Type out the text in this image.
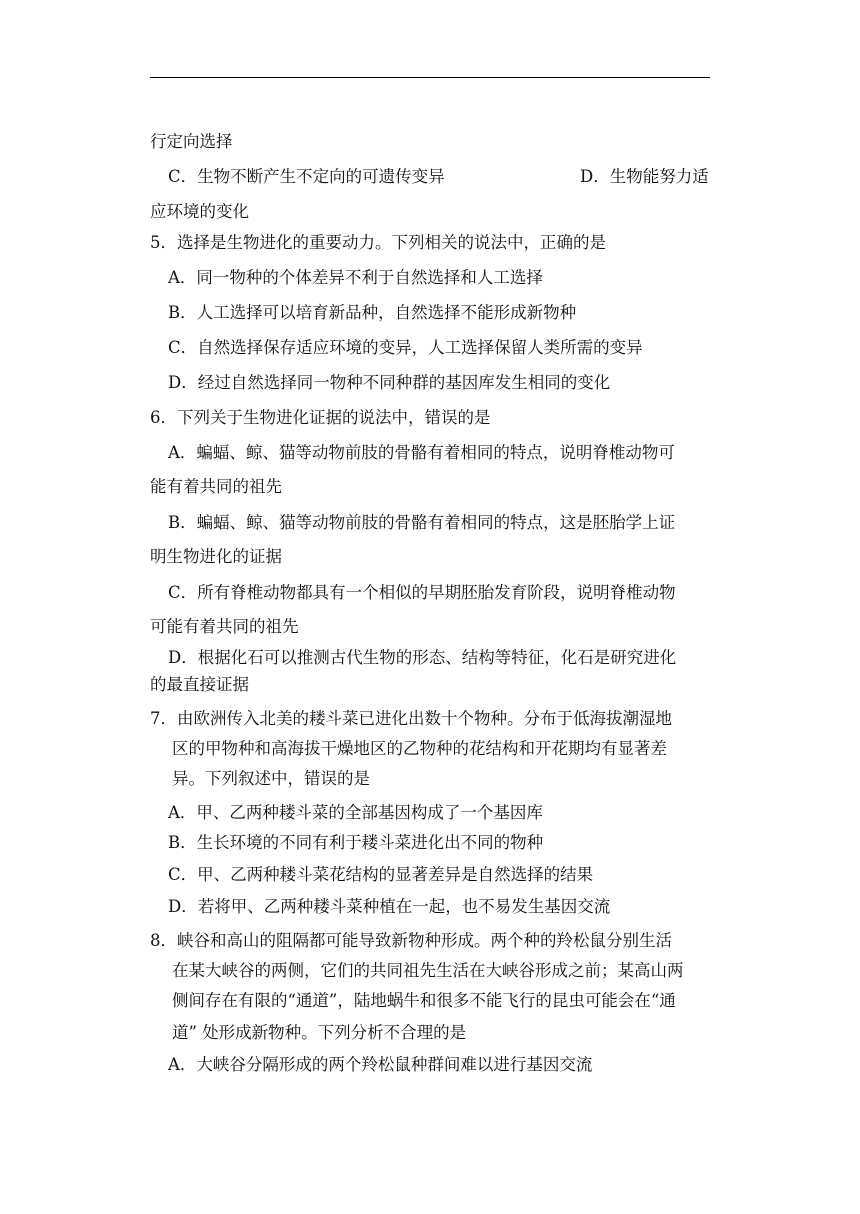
行定向选择
C．生物不断产生不定向的可遗传变异	D．生物能努力适
应环境的变化
5．选择是生物进化的重要动力。下列相关的说法中，正确的是
A．同一物种的个体差异不利于自然选择和人工选择
B．人工选择可以培育新品种，自然选择不能形成新物种
C．自然选择保存适应环境的变异，人工选择保留人类所需的变异
D．经过自然选择同一物种不同种群的基因库发生相同的变化
6．下列关于生物进化证据的说法中，错误的是
A．蝙蝠、鲸、猫等动物前肢的骨骼有着相同的特点，说明脊椎动物可
能有着共同的祖先
B．蝙蝠、鲸、猫等动物前肢的骨骼有着相同的特点，这是胚胎学上证
明生物进化的证据
C．所有脊椎动物都具有一个相似的早期胚胎发育阶段，说明脊椎动物
可能有着共同的祖先
D．根据化石可以推测古代生物的形态、结构等特征，化石是研究进化
的最直接证据
7．由欧洲传入北美的耧斗菜已进化出数十个物种。分布于低海拔潮湿地
区的甲物种和高海拔干燥地区的乙物种的花结构和开花期均有显著差
异。下列叙述中，错误的是
A．甲、乙两种耧斗菜的全部基因构成了一个基因库
B．生长环境的不同有利于耧斗菜进化出不同的物种
C．甲、乙两种耧斗菜花结构的显著差异是自然选择的结果
D．若将甲、乙两种耧斗菜种植在一起，也不易发生基因交流
8．峡谷和高山的阻隔都可能导致新物种形成。两个种的羚松鼠分别生活
在某大峡谷的两侧，它们的共同祖先生活在大峡谷形成之前；某高山两
侧间存在有限的“通道”，陆地蜗牛和很多不能飞行的昆虫可能会在“通
道” 处形成新物种。下列分析不合理的是
A．大峡谷分隔形成的两个羚松鼠种群间难以进行基因交流
